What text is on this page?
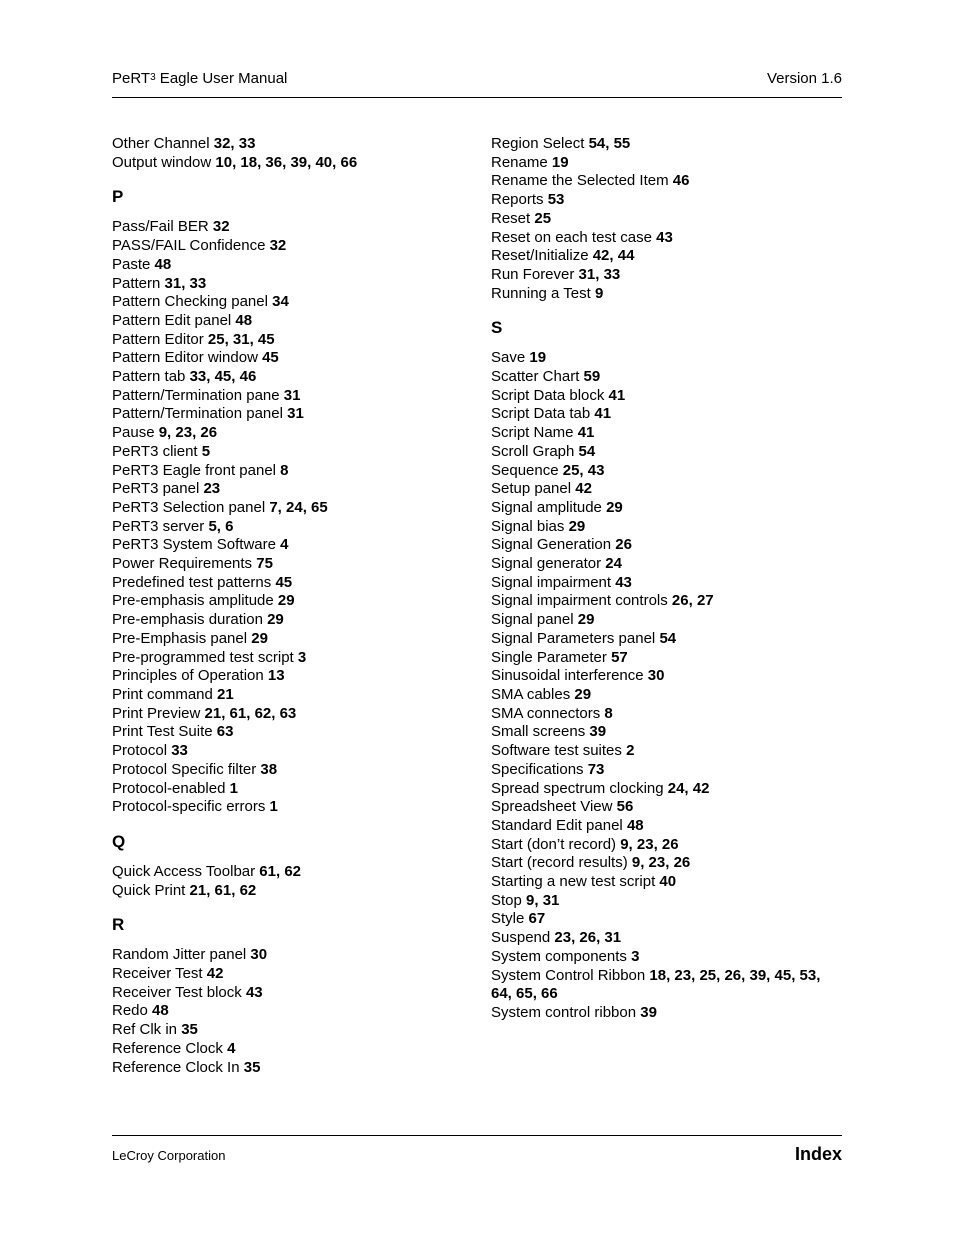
PeRT$^3$ Eagle User Manual	Version 1.6
Other Channel 32, 33
Output window 10, 18, 36, 39, 40, 66
P
Pass/Fail BER 32
PASS/FAIL Confidence 32
Paste 48
Pattern 31, 33
Pattern Checking panel 34
Pattern Edit panel 48
Pattern Editor 25, 31, 45
Pattern Editor window 45
Pattern tab 33, 45, 46
Pattern/Termination pane 31
Pattern/Termination panel 31
Pause 9, 23, 26
PeRT3 client 5
PeRT3 Eagle front panel 8
PeRT3 panel 23
PeRT3 Selection panel 7, 24, 65
PeRT3 server 5, 6
PeRT3 System Software 4
Power Requirements 75
Predefined test patterns 45
Pre-emphasis amplitude 29
Pre-emphasis duration 29
Pre-Emphasis panel 29
Pre-programmed test script 3
Principles of Operation 13
Print command 21
Print Preview 21, 61, 62, 63
Print Test Suite 63
Protocol 33
Protocol Specific filter 38
Protocol-enabled 1
Protocol-specific errors 1
Q
Quick Access Toolbar 61, 62
Quick Print 21, 61, 62
R
Random Jitter panel 30
Receiver Test 42
Receiver Test block 43
Redo 48
Ref Clk in 35
Reference Clock 4
Reference Clock In 35
Region Select 54, 55
Rename 19
Rename the Selected Item 46
Reports 53
Reset 25
Reset on each test case 43
Reset/Initialize 42, 44
Run Forever 31, 33
Running a Test 9
S
Save 19
Scatter Chart 59
Script Data block 41
Script Data tab 41
Script Name 41
Scroll Graph 54
Sequence 25, 43
Setup panel 42
Signal amplitude 29
Signal bias 29
Signal Generation 26
Signal generator 24
Signal impairment 43
Signal impairment controls 26, 27
Signal panel 29
Signal Parameters panel 54
Single Parameter 57
Sinusoidal interference 30
SMA cables 29
SMA connectors 8
Small screens 39
Software test suites 2
Specifications 73
Spread spectrum clocking 24, 42
Spreadsheet View 56
Standard Edit panel 48
Start (don’t record) 9, 23, 26
Start (record results) 9, 23, 26
Starting a new test script 40
Stop 9, 31
Style 67
Suspend 23, 26, 31
System components 3
System Control Ribbon 18, 23, 25, 26, 39, 45, 53, 64, 65, 66
System control ribbon 39
LeCroy Corporation	Index
